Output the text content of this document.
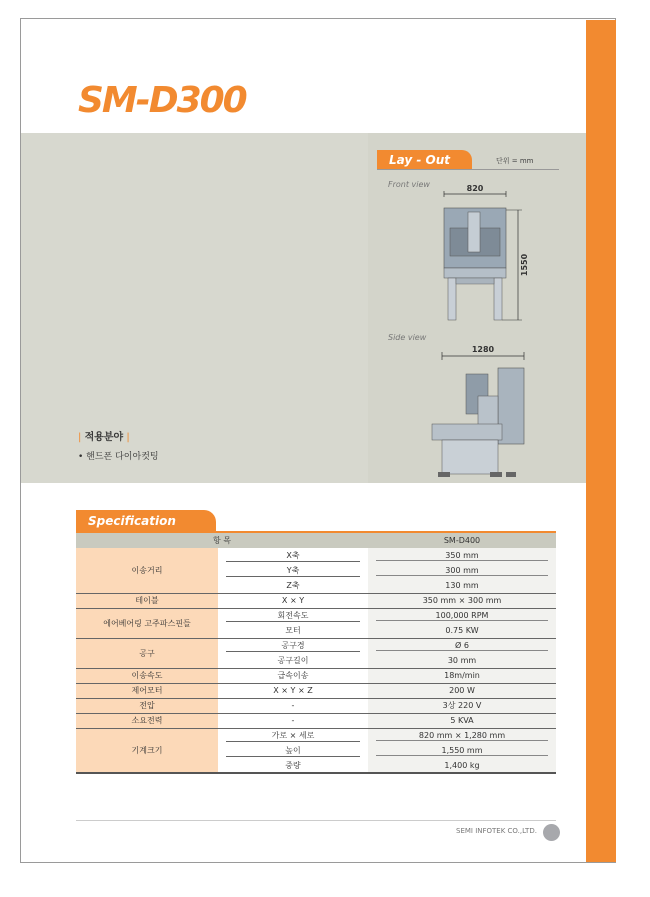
SM-D300
Lay - Out	단위 = mm
Front view	820
1550
Side view
1280
| 적용분야 |
• 핸드폰 다이아컷팅
Specification
항 목		SM-D400
이송거리	X축	350 mm

	Y축	300 mm

	Z축	130 mm
테이블	X × Y	350 mm × 300 mm
에어베어링 고주파스핀들	회전속도	100,000 RPM

	모터	0.75 KW
공구	공구경	Ø 6

	공구길이	30 mm
이송속도	급속이송	18m/min
제어모터	X × Y × Z	200 W
전압	-	3상 220 V
소요전력	-	5 KVA
기계크기	가로 × 세로	820 mm × 1,280 mm

	높이	1,550 mm

	중량	1,400 kg
SEMI INFOTEK CO.,LTD.
